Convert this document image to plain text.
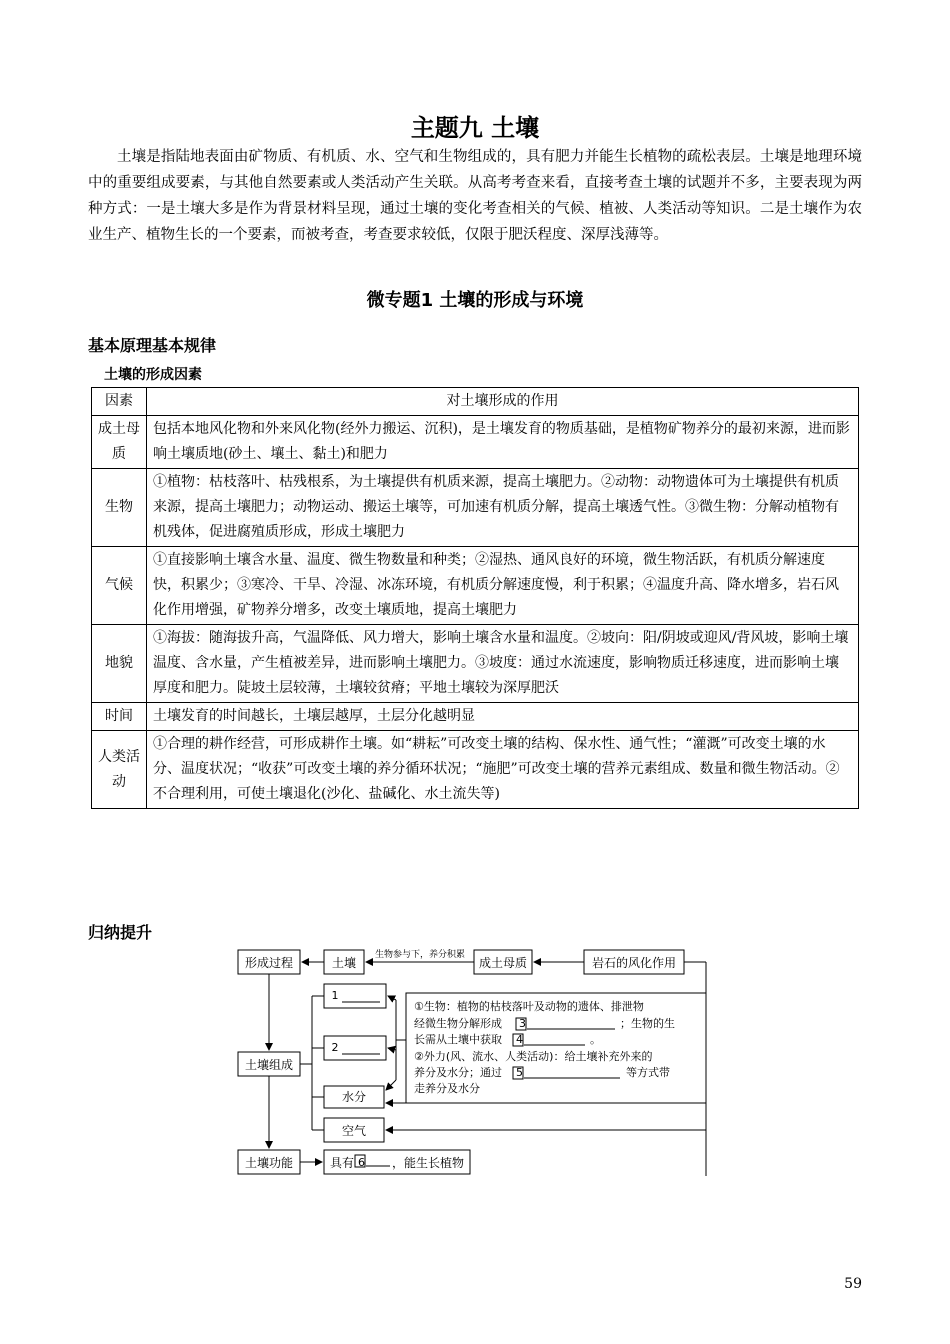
主题九 土壤

土壤是指陆地表面由矿物质、有机质、水、空气和生物组成的，具有肥力并能生长植物的疏松表层。土壤是地理环境中的重要组成要素，与其他自然要素或人类活动产生关联。从高考考查来看，直接考查土壤的试题并不多，主要表现为两种方式：一是土壤大多是作为背景材料呈现，通过土壤的变化考查相关的气候、植被、人类活动等知识。二是土壤作为农业生产、植物生长的一个要素，而被考查，考查要求较低，仅限于肥沃程度、深厚浅薄等。

微专题1 土壤的形成与环境
基本原理基本规律
土壤的形成因素
因素	对土壤形成的作用
成土母质	包括本地风化物和外来风化物(经外力搬运、沉积)，是土壤发育的物质基础，是植物矿物养分的最初来源，进而影响土壤质地(砂土、壤土、黏土)和肥力
生物	①植物：枯枝落叶、枯残根系，为土壤提供有机质来源，提高土壤肥力。②动物：动物遗体可为土壤提供有机质来源，提高土壤肥力；动物运动、搬运土壤等，可加速有机质分解，提高土壤透气性。③微生物：分解动植物有机残体，促进腐殖质形成，形成土壤肥力
气候	①直接影响土壤含水量、温度、微生物数量和种类；②湿热、通风良好的环境，微生物活跃，有机质分解速度快，积累少；③寒冷、干旱、冷湿、冰冻环境，有机质分解速度慢，利于积累；④温度升高、降水增多，岩石风化作用增强，矿物养分增多，改变土壤质地，提高土壤肥力
地貌	①海拔：随海拔升高，气温降低、风力增大，影响土壤含水量和温度。②坡向：阳/阴坡或迎风/背风坡，影响土壤温度、含水量，产生植被差异，进而影响土壤肥力。③坡度：通过水流速度，影响物质迁移速度，进而影响土壤厚度和肥力。陡坡土层较薄，土壤较贫瘠；平地土壤较为深厚肥沃
时间	土壤发育的时间越长，土壤层越厚，土层分化越明显
人类活动	①合理的耕作经营，可形成耕作土壤。如“耕耘”可改变土壤的结构、保水性、通气性；“灌溉”可改变土壤的水分、温度状况；“收获”可改变土壤的养分循环状况；“施肥”可改变土壤的营养元素组成、数量和微生物活动。②不合理利用，可使土壤退化(沙化、盐碱化、水土流失等)
归纳提升
形成过程	土壤
生物参与下，养分积累
成土母质	岩石的风化作用
土壤组成
1
2
水分
空气
土壤功能	具有 6 ，能生长植物
①生物：植物的枯枝落叶及动物的遗体、排泄物
经微生物分解形成 3	；生物的生
长需从土壤中获取 4	。
②外力(风、流水、人类活动)：给土壤补充外来的
养分及水分；通过 5	等方式带
走养分及水分
59
